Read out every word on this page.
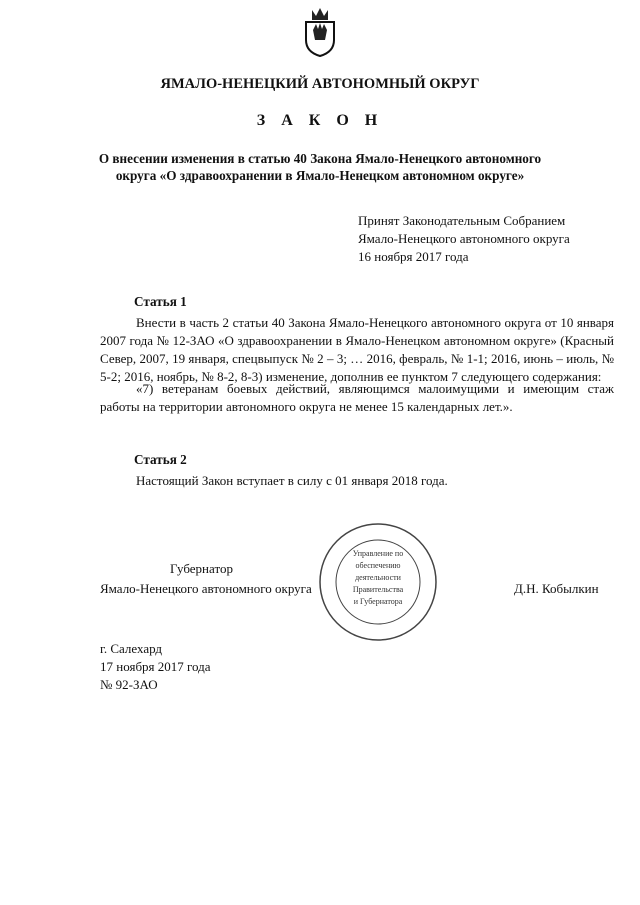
ЯМАЛО-НЕНЕЦКИЙ АВТОНОМНЫЙ ОКРУГ
З А К О Н
О внесении изменения в статью 40 Закона Ямало-Ненецкого автономного
округа «О здравоохранении в Ямало-Ненецком автономном округе»
Принят Законодательным Собранием
Ямало-Ненецкого автономного округа
16 ноября 2017 года
Статья 1
Внести в часть 2 статьи 40 Закона Ямало-Ненецкого автономного округа от 10 января 2007 года № 12-ЗАО «О здравоохранении в Ямало-Ненецком автономном округе» (Красный Север, 2007, 19 января, спецвыпуск № 2 – 3; … 2016, февраль, № 1-1; 2016, июнь – июль, № 5-2; 2016, ноябрь, № 8-2, 8-3) изменение, дополнив ее пунктом 7 следующего содержания:
«7) ветеранам боевых действий, являющимся малоимущими и имеющим стаж работы на территории автономного округа не менее 15 календарных лет.».
Статья 2
Настоящий Закон вступает в силу с 01 января 2018 года.
Управление по
обеспечению
деятельности
Правительства
и Губернатора
Губернатор
Ямало-Ненецкого автономного округа	Д.Н. Кобылкин
г. Салехард
17 ноября 2017 года
№ 92-ЗАО
